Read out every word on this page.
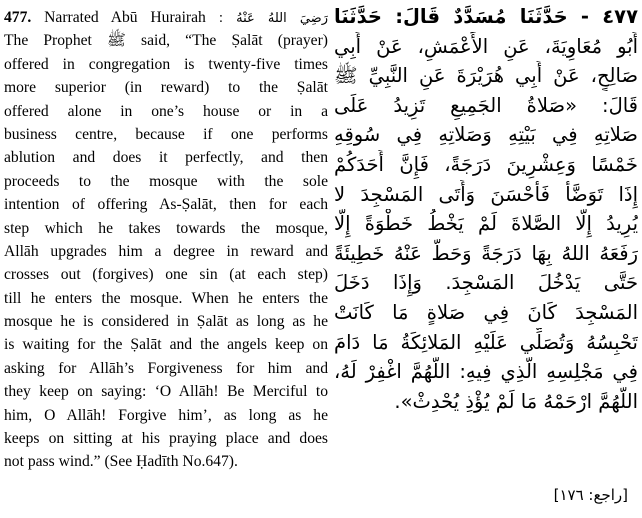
477. Narrated Abū Hurairah رَضِيَ اللهُ عَنْهُ :
The Prophet ﷺ said, “The Ṣalāt (prayer)
offered in congregation is twenty-five times
more superior (in reward) to the Ṣalāt
offered alone in one’s house or in a
business centre, because if one performs
ablution and does it perfectly, and then
proceeds to the mosque with the sole
intention of offering As-Ṣalāt, then for each
step which he takes towards the mosque,
Allāh upgrades him a degree in reward and
crosses out (forgives) one sin (at each step)
till he enters the mosque. When he enters the
mosque he is considered in Ṣalāt as long as he
is waiting for the Ṣalāt and the angels keep on
asking for Allāh’s Forgiveness for him and
they keep on saying: ‘O Allāh! Be Merciful to
him, O Allāh! Forgive him’, as long as he
keeps on sitting at his praying place and does
not pass wind.” (See Ḥadīth No.647).
٤٧٧ - حَدَّثَنَا مُسَدَّدٌ قَالَ: حَدَّثَنَا
أَبُو مُعَاوِيَةَ، عَنِ الأَعْمَشِ، عَنْ أَبِي
صَالِحٍ، عَنْ أَبِي هُرَيْرَةَ عَنِ النَّبِيِّ ﷺ
قَالَ: «صَلاةُ الجَمِيعِ تَزِيدُ عَلَى
صَلاتِهِ فِي بَيْتِهِ وَصَلاتِهِ فِي سُوقِهِ
خَمْسًا وَعِشْرِينَ دَرَجَةً، فَإِنَّ أَحَدَكُمْ
إِذَا تَوَضَّأَ فَأَحْسَنَ وَأَتَى المَسْجِدَ لا
يُرِيدُ إِلَّا الصَّلاةَ لَمْ يَخْطُ خَطْوَةً إِلَّا
رَفَعَهُ اللهُ بِهَا دَرَجَةً وَحَطَّ عَنْهُ خَطِيئَةً
حَتَّى يَدْخُلَ المَسْجِدَ. وَإِذَا دَخَلَ
المَسْجِدَ كَانَ فِي صَلاةٍ مَا كَانَتْ
تَحْبِسُهُ وَتُصَلِّي عَلَيْهِ المَلائِكَةُ مَا دَامَ
فِي مَجْلِسِهِ الَّذِي فِيهِ: اللَّهُمَّ اغْفِرْ لَهُ،
اللَّهُمَّ ارْحَمْهُ مَا لَمْ يُؤْذِ يُحْدِثْ».
[راجع: ١٧٦]
